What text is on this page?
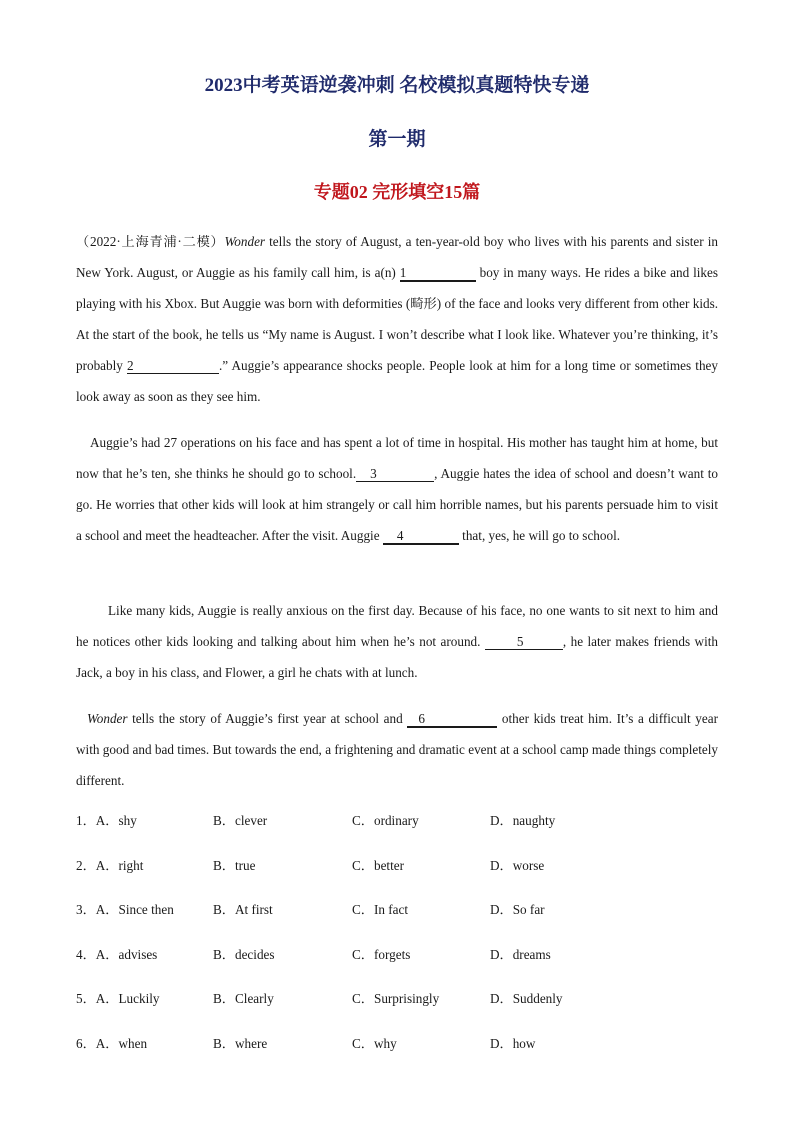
2023中考英语逆袭冲刺 名校模拟真题特快专递
第一期
专题02 完形填空15篇
（2022·上海青浦·二模）Wonder tells the story of August, a ten-year-old boy who lives with his parents and sister in New York. August, or Auggie as his family call him, is a(n) 1	boy in many ways. He rides a bike and likes playing with his Xbox. But Auggie was born with deformities (畸形) of the face and looks very different from other kids. At the start of the book, he tells us “My name is August. I won’t describe what I look like. Whatever you’re thinking, it’s probably 2	.” Auggie’s appearance shocks people. People look at him for a long time or sometimes they look away as soon as they see him.
Auggie’s had 27 operations on his face and has spent a lot of time in hospital. His mother has taught him at home, but now that he’s ten, she thinks he should go to school. 3	, Auggie hates the idea of school and doesn’t want to go. He worries that other kids will look at him strangely or call him horrible names, but his parents persuade him to visit a school and meet the headteacher. After the visit. Auggie 4	that, yes, he will go to school.
Like many kids, Auggie is really anxious on the first day. Because of his face, no one wants to sit next to him and he notices other kids looking and talking about him when he’s not around. 5	, he later makes friends with Jack, a boy in his class, and Flower, a girl he chats with at lunch.
Wonder tells the story of Auggie’s first year at school and 6	other kids treat him. It’s a difficult year with good and bad times. But towards the end, a frightening and dramatic event at a school camp made things completely different.
1．A．shy	B．clever	C．ordinary	D．naughty
2．A．right	B．true	C．better	D．worse
3．A．Since then	B．At first	C．In fact	D．So far
4．A．advises	B．decides	C．forgets	D．dreams
5．A．Luckily	B．Clearly	C．Surprisingly	D．Suddenly
6．A．when	B．where	C．why	D．how
